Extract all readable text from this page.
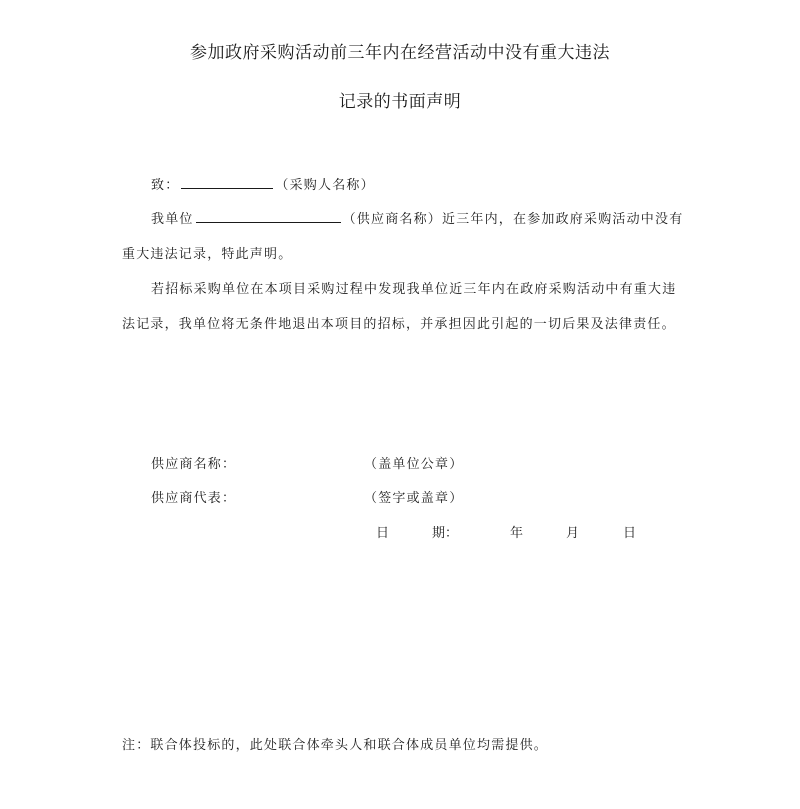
参加政府采购活动前三年内在经营活动中没有重大违法
记录的书面声明
致：	（采购人名称）
我单位	（供应商名称）近三年内，在参加政府采购活动中没有
重大违法记录，特此声明。
若招标采购单位在本项目采购过程中发现我单位近三年内在政府采购活动中有重大违
法记录，我单位将无条件地退出本项目的招标，并承担因此引起的一切后果及法律责任。
供应商名称：	（盖单位公章）
供应商代表：	（签字或盖章）
日	期：	年	月	日
注：联合体投标的，此处联合体牵头人和联合体成员单位均需提供。
